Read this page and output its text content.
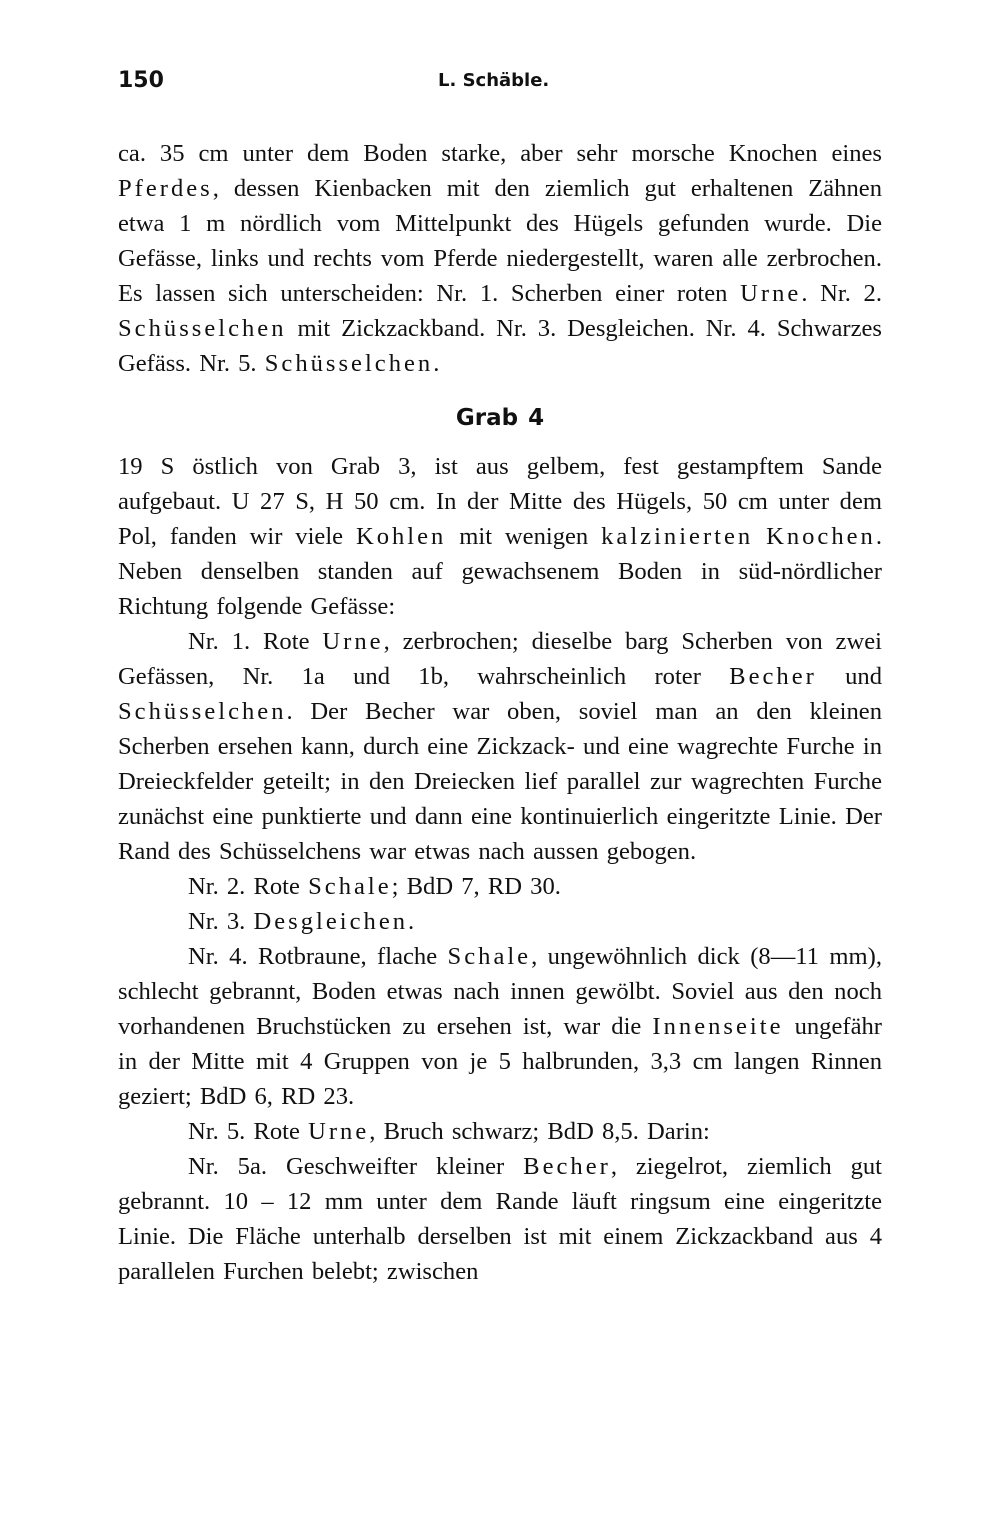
150	L. Schäble.

ca. 35 cm unter dem Boden starke, aber sehr morsche Knochen eines Pferdes, dessen Kienbacken mit den ziemlich gut erhaltenen Zähnen etwa 1 m nördlich vom Mittelpunkt des Hügels gefunden wurde. Die Gefässe, links und rechts vom Pferde niedergestellt, waren alle zerbrochen. Es lassen sich unterscheiden: Nr. 1. Scherben einer roten Urne. Nr. 2. Schüsselchen mit Zickzackband. Nr. 3. Desgleichen. Nr. 4. Schwarzes Gefäss. Nr. 5. Schüsselchen.

Grab 4

19 S östlich von Grab 3, ist aus gelbem, fest gestampftem Sande aufgebaut. U 27 S, H 50 cm. In der Mitte des Hügels, 50 cm unter dem Pol, fanden wir viele Kohlen mit wenigen kalzinierten Knochen. Neben denselben standen auf gewachsenem Boden in süd-nördlicher Richtung folgende Gefässe:

Nr. 1. Rote Urne, zerbrochen; dieselbe barg Scherben von zwei Gefässen, Nr. 1a und 1b, wahrscheinlich roter Becher und Schüsselchen. Der Becher war oben, soviel man an den kleinen Scherben ersehen kann, durch eine Zickzack- und eine wagrechte Furche in Dreieckfelder geteilt; in den Dreiecken lief parallel zur wagrechten Furche zunächst eine punktierte und dann eine kontinuierlich eingeritzte Linie. Der Rand des Schüsselchens war etwas nach aussen gebogen.

Nr. 2. Rote Schale; BdD 7, RD 30.

Nr. 3. Desgleichen.

Nr. 4. Rotbraune, flache Schale, ungewöhnlich dick (8—11 mm), schlecht gebrannt, Boden etwas nach innen gewölbt. Soviel aus den noch vorhandenen Bruchstücken zu ersehen ist, war die Innenseite ungefähr in der Mitte mit 4 Gruppen von je 5 halbrunden, 3,3 cm langen Rinnen geziert; BdD 6, RD 23.

Nr. 5. Rote Urne, Bruch schwarz; BdD 8,5. Darin:

Nr. 5a. Geschweifter kleiner Becher, ziegelrot, ziemlich gut gebrannt. 10 – 12 mm unter dem Rande läuft ringsum eine eingeritzte Linie. Die Fläche unterhalb derselben ist mit einem Zickzackband aus 4 parallelen Furchen belebt; zwischen
